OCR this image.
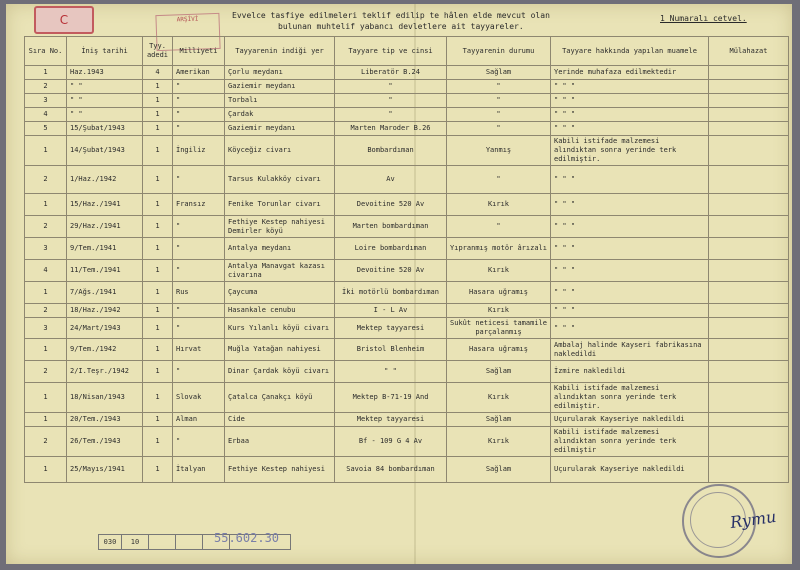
C	ARŞİVİ	Evvelce tasfiye edilmeleri teklif edilip te hâlen elde mevcut olan
bulunan muhtelif yabancı devletlere ait tayyareler.
1 Numaralı cetvel.
Sıra No.	İniş tarihi	Tyy. adedi	Milliyeti	Tayyarenin indiği yer	Tayyare tip ve cinsi	Tayyarenin durumu	Tayyare hakkında yapılan muamele	Mülahazat
1	Haz.1943	4	Amerikan	Çorlu meydanı	Liberatör B.24	Sağlam	Yerinde muhafaza edilmektedir	
2	" "	1	"	Gaziemir meydanı	"	"	" " "	
3	" "	1	"	Torbalı	"	"	" " "	
4	" "	1	"	Çardak	"	"	" " "	
5	15/Şubat/1943	1	"	Gaziemir meydanı	Marten Maroder B.26	"	" " "	
1	14/Şubat/1943	1	İngiliz	Köyceğiz civarı	Bombardıman	Yanmış	Kabili istifade malzemesi alındıktan sonra yerinde terk edilmiştir.	
2	1/Haz./1942	1	"	Tarsus Kulakköy civarı	Av	"	" " "	
1	15/Haz./1941	1	Fransız	Fenike Torunlar civarı	Devoitine 520 Av	Kırık	" " "	
2	29/Haz./1941	1	"	Fethiye Kestep nahiyesi Demirler köyü	Marten bombardıman	"	" " "	
3	9/Tem./1941	1	"	Antalya meydanı	Loire bombardıman	Yıpranmış motör ârızalı	" " "	
4	11/Tem./1941	1	"	Antalya Manavgat kazası civarına	Devoitine 520 Av	Kırık	" " "	
1	7/Ağs./1941	1	Rus	Çaycuma	İki motörlü bombardıman	Hasara uğramış	" " "	
2	18/Haz./1942	1	"	Hasankale cenubu	I - L Av	Kırık	" " "	
3	24/Mart/1943	1	"	Kurs Yılanlı köyü civarı	Mektep tayyaresi	Sukût neticesi tamamile parçalanmış	" " "	
1	9/Tem./1942	1	Hırvat	Muğla Yatağan nahiyesi	Bristol Blenheim	Hasara uğramış	Ambalaj halinde Kayseri fabrikasına nakledildi	
2	2/I.Teşr./1942	1	"	Dinar Çardak köyü civarı	" "	Sağlam	İzmire nakledildi	
1	18/Nisan/1943	1	Slovak	Çatalca Çanakçı köyü	Mektep B-71-19 And	Kırık	Kabili istifade malzemesi alındıktan sonra yerinde terk edilmiştir.	
1	20/Tem./1943	1	Alman	Cide	Mektep tayyaresi	Sağlam	Uçurularak Kayseriye nakledildi	
2	26/Tem./1943	1	"	Erbaa	Bf - 109 G 4 Av	Kırık	Kabili istifade malzemesi alındıktan sonra yerinde terk edilmiştir	
1	25/Mayıs/1941	1	İtalyan	Fethiye Kestep nahiyesi	Savoia 84 bombardıman	Sağlam	Uçurularak Kayseriye nakledildi	
Rymu
030	10	55.602.30
